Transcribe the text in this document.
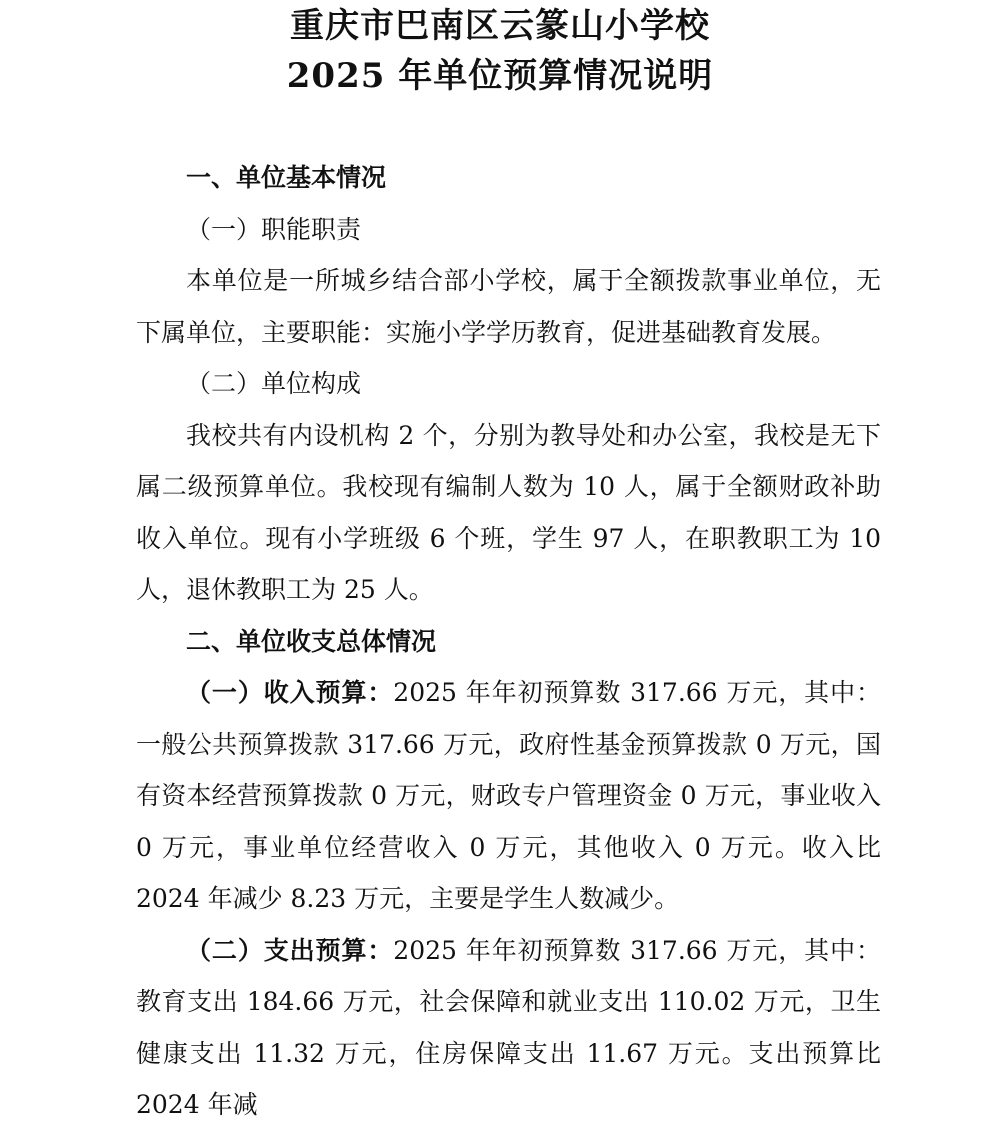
重庆市巴南区云篆山小学校
2025 年单位预算情况说明
一、单位基本情况
（一）职能职责

本单位是一所城乡结合部小学校，属于全额拨款事业单位，无下属单位，主要职能：实施小学学历教育，促进基础教育发展。

（二）单位构成

我校共有内设机构 2 个，分别为教导处和办公室，我校是无下属二级预算单位。我校现有编制人数为 10 人，属于全额财政补助收入单位。现有小学班级 6 个班，学生 97 人，在职教职工为 10 人，退休教职工为 25 人。

二、单位收支总体情况

（一）收入预算：2025 年年初预算数 317.66 万元，其中：一般公共预算拨款 317.66 万元，政府性基金预算拨款 0 万元，国有资本经营预算拨款 0 万元，财政专户管理资金 0 万元，事业收入 0 万元，事业单位经营收入 0 万元，其他收入 0 万元。收入比 2024 年减少 8.23 万元，主要是学生人数减少。

（二）支出预算：2025 年年初预算数 317.66 万元，其中：教育支出 184.66 万元，社会保障和就业支出 110.02 万元，卫生健康支出 11.32 万元，住房保障支出 11.67 万元。支出预算比 2024 年减
